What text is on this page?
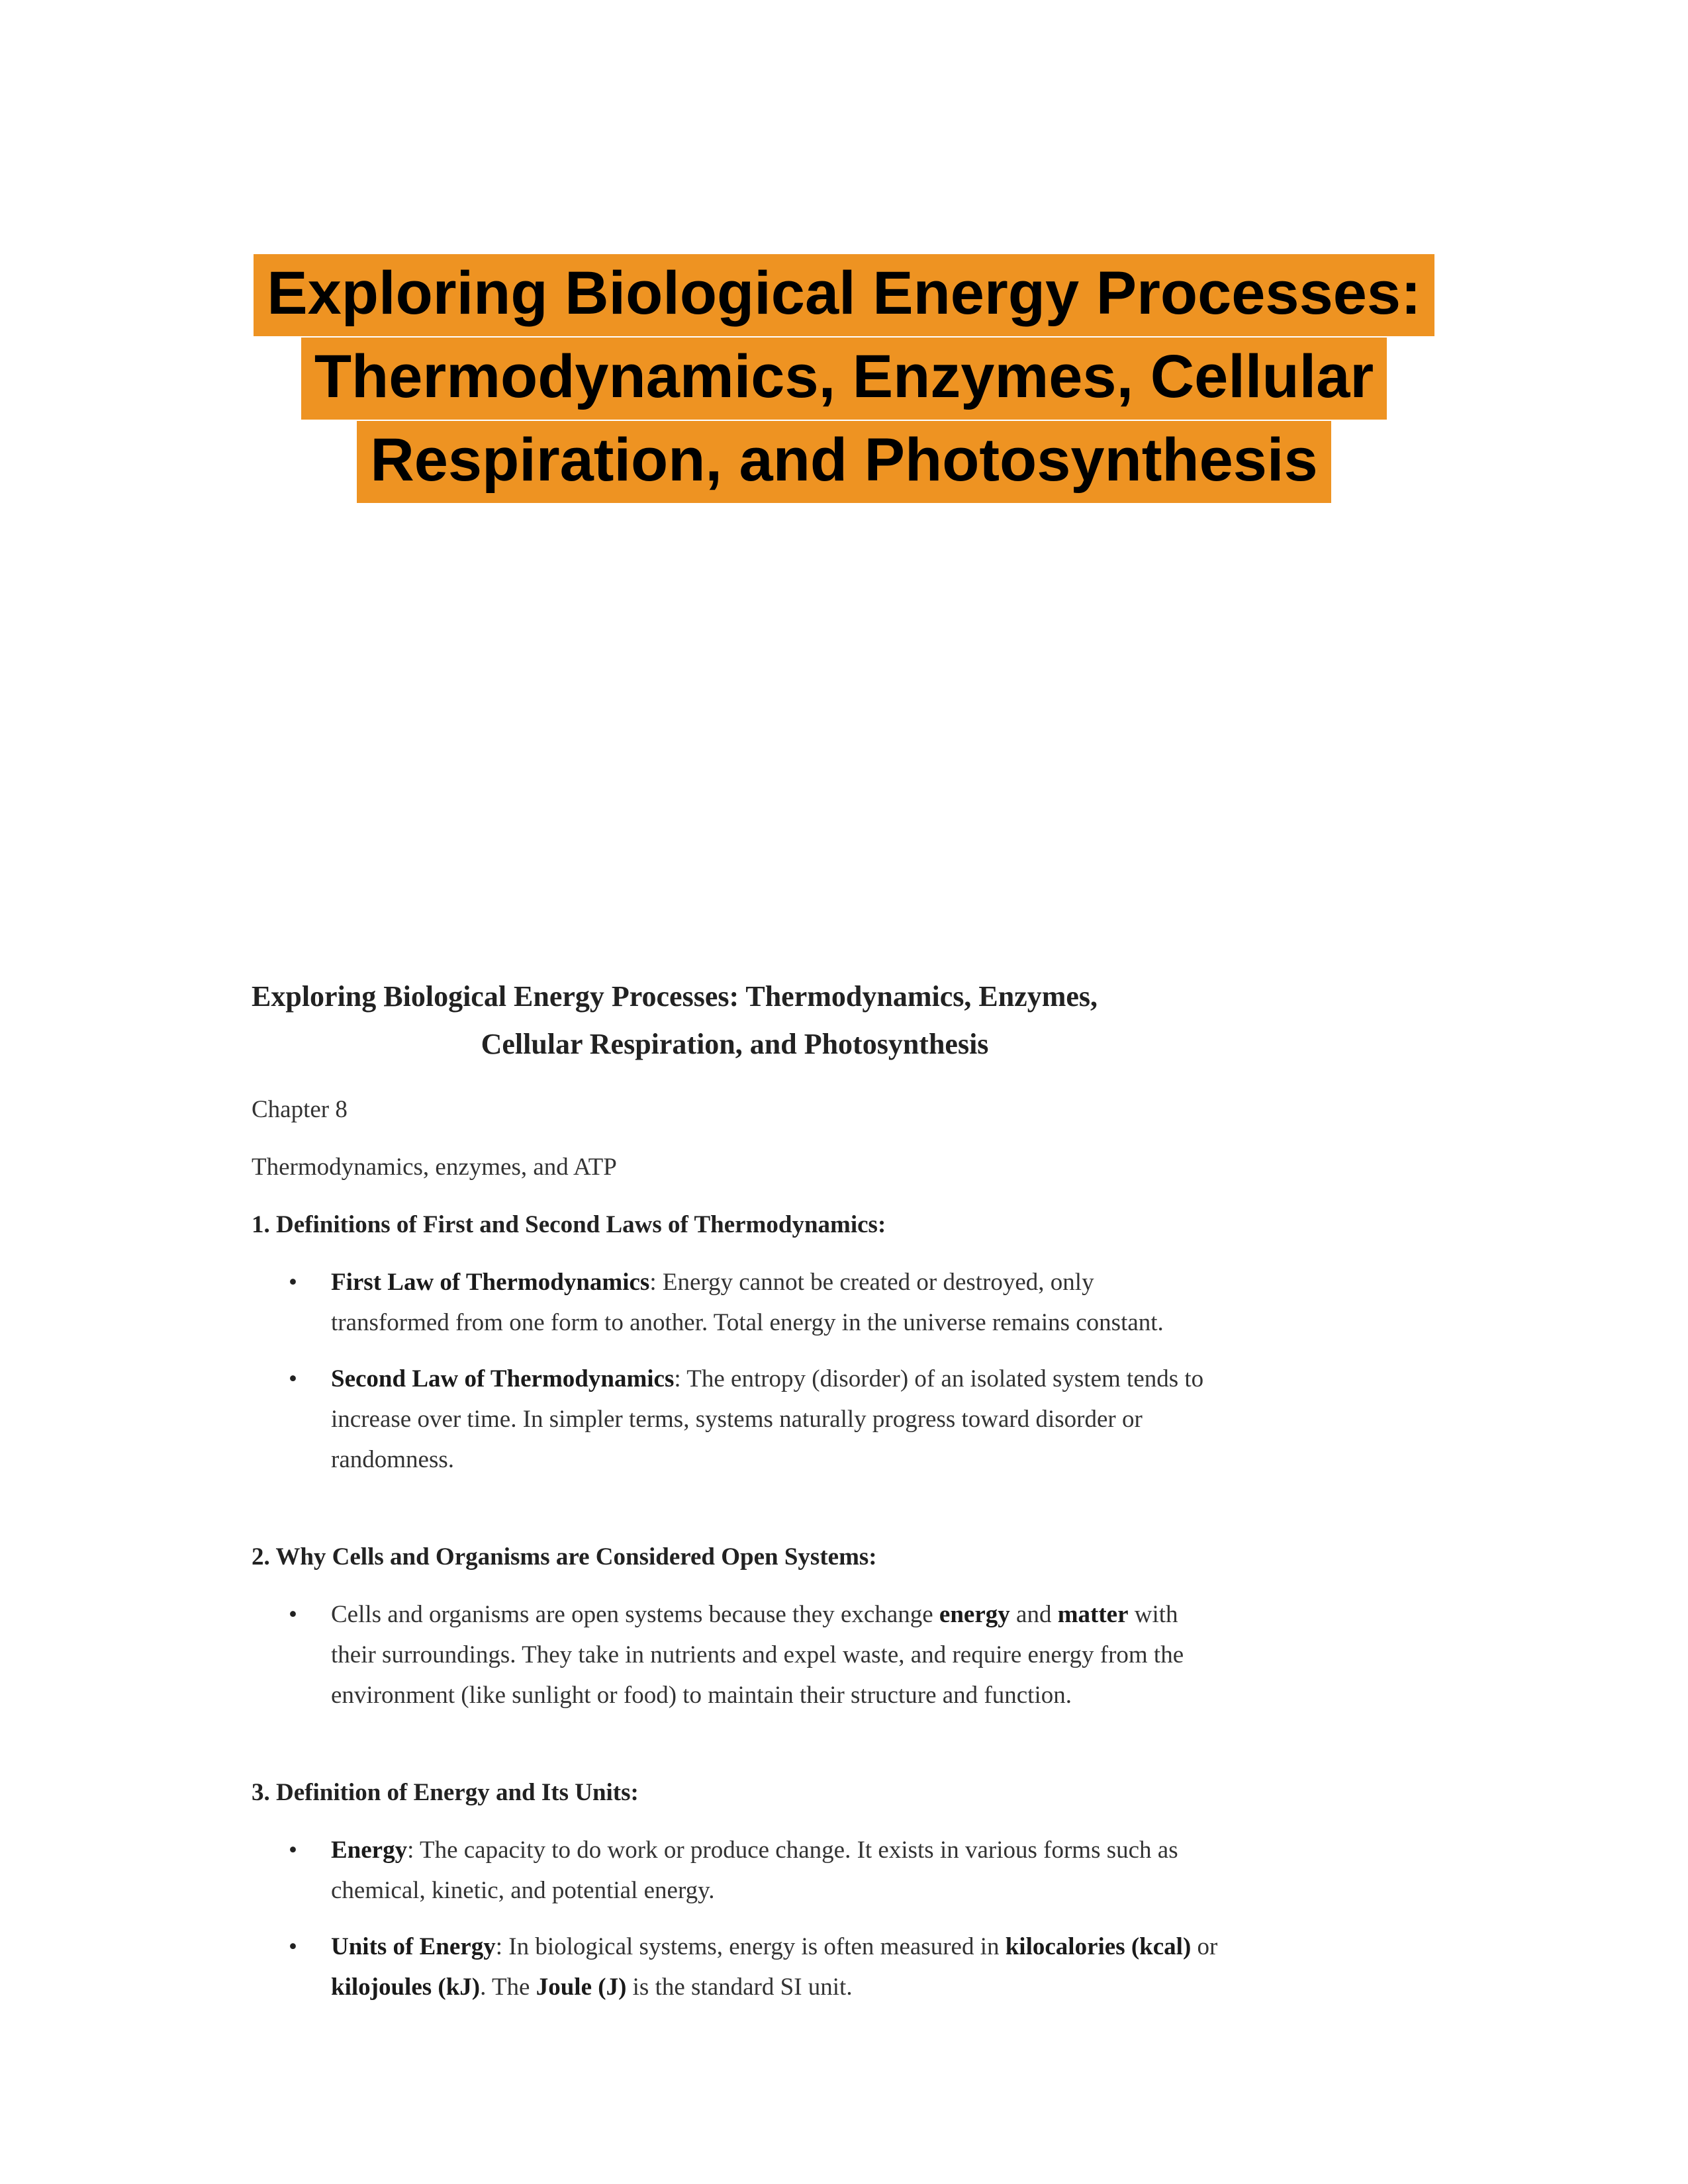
Exploring Biological Energy Processes:
Thermodynamics, Enzymes, Cellular
Respiration, and Photosynthesis
Exploring Biological Energy Processes: Thermodynamics, Enzymes,
Cellular Respiration, and Photosynthesis

Chapter 8

Thermodynamics, enzymes, and ATP

1. Definitions of First and Second Laws of Thermodynamics:

• First Law of Thermodynamics: Energy cannot be created or destroyed, only transformed from one form to another. Total energy in the universe remains constant.
• Second Law of Thermodynamics: The entropy (disorder) of an isolated system tends to increase over time. In simpler terms, systems naturally progress toward disorder or randomness.

2. Why Cells and Organisms are Considered Open Systems:

• Cells and organisms are open systems because they exchange energy and matter with their surroundings. They take in nutrients and expel waste, and require energy from the environment (like sunlight or food) to maintain their structure and function.

3. Definition of Energy and Its Units:

• Energy: The capacity to do work or produce change. It exists in various forms such as chemical, kinetic, and potential energy.
• Units of Energy: In biological systems, energy is often measured in kilocalories (kcal) or kilojoules (kJ). The Joule (J) is the standard SI unit.
